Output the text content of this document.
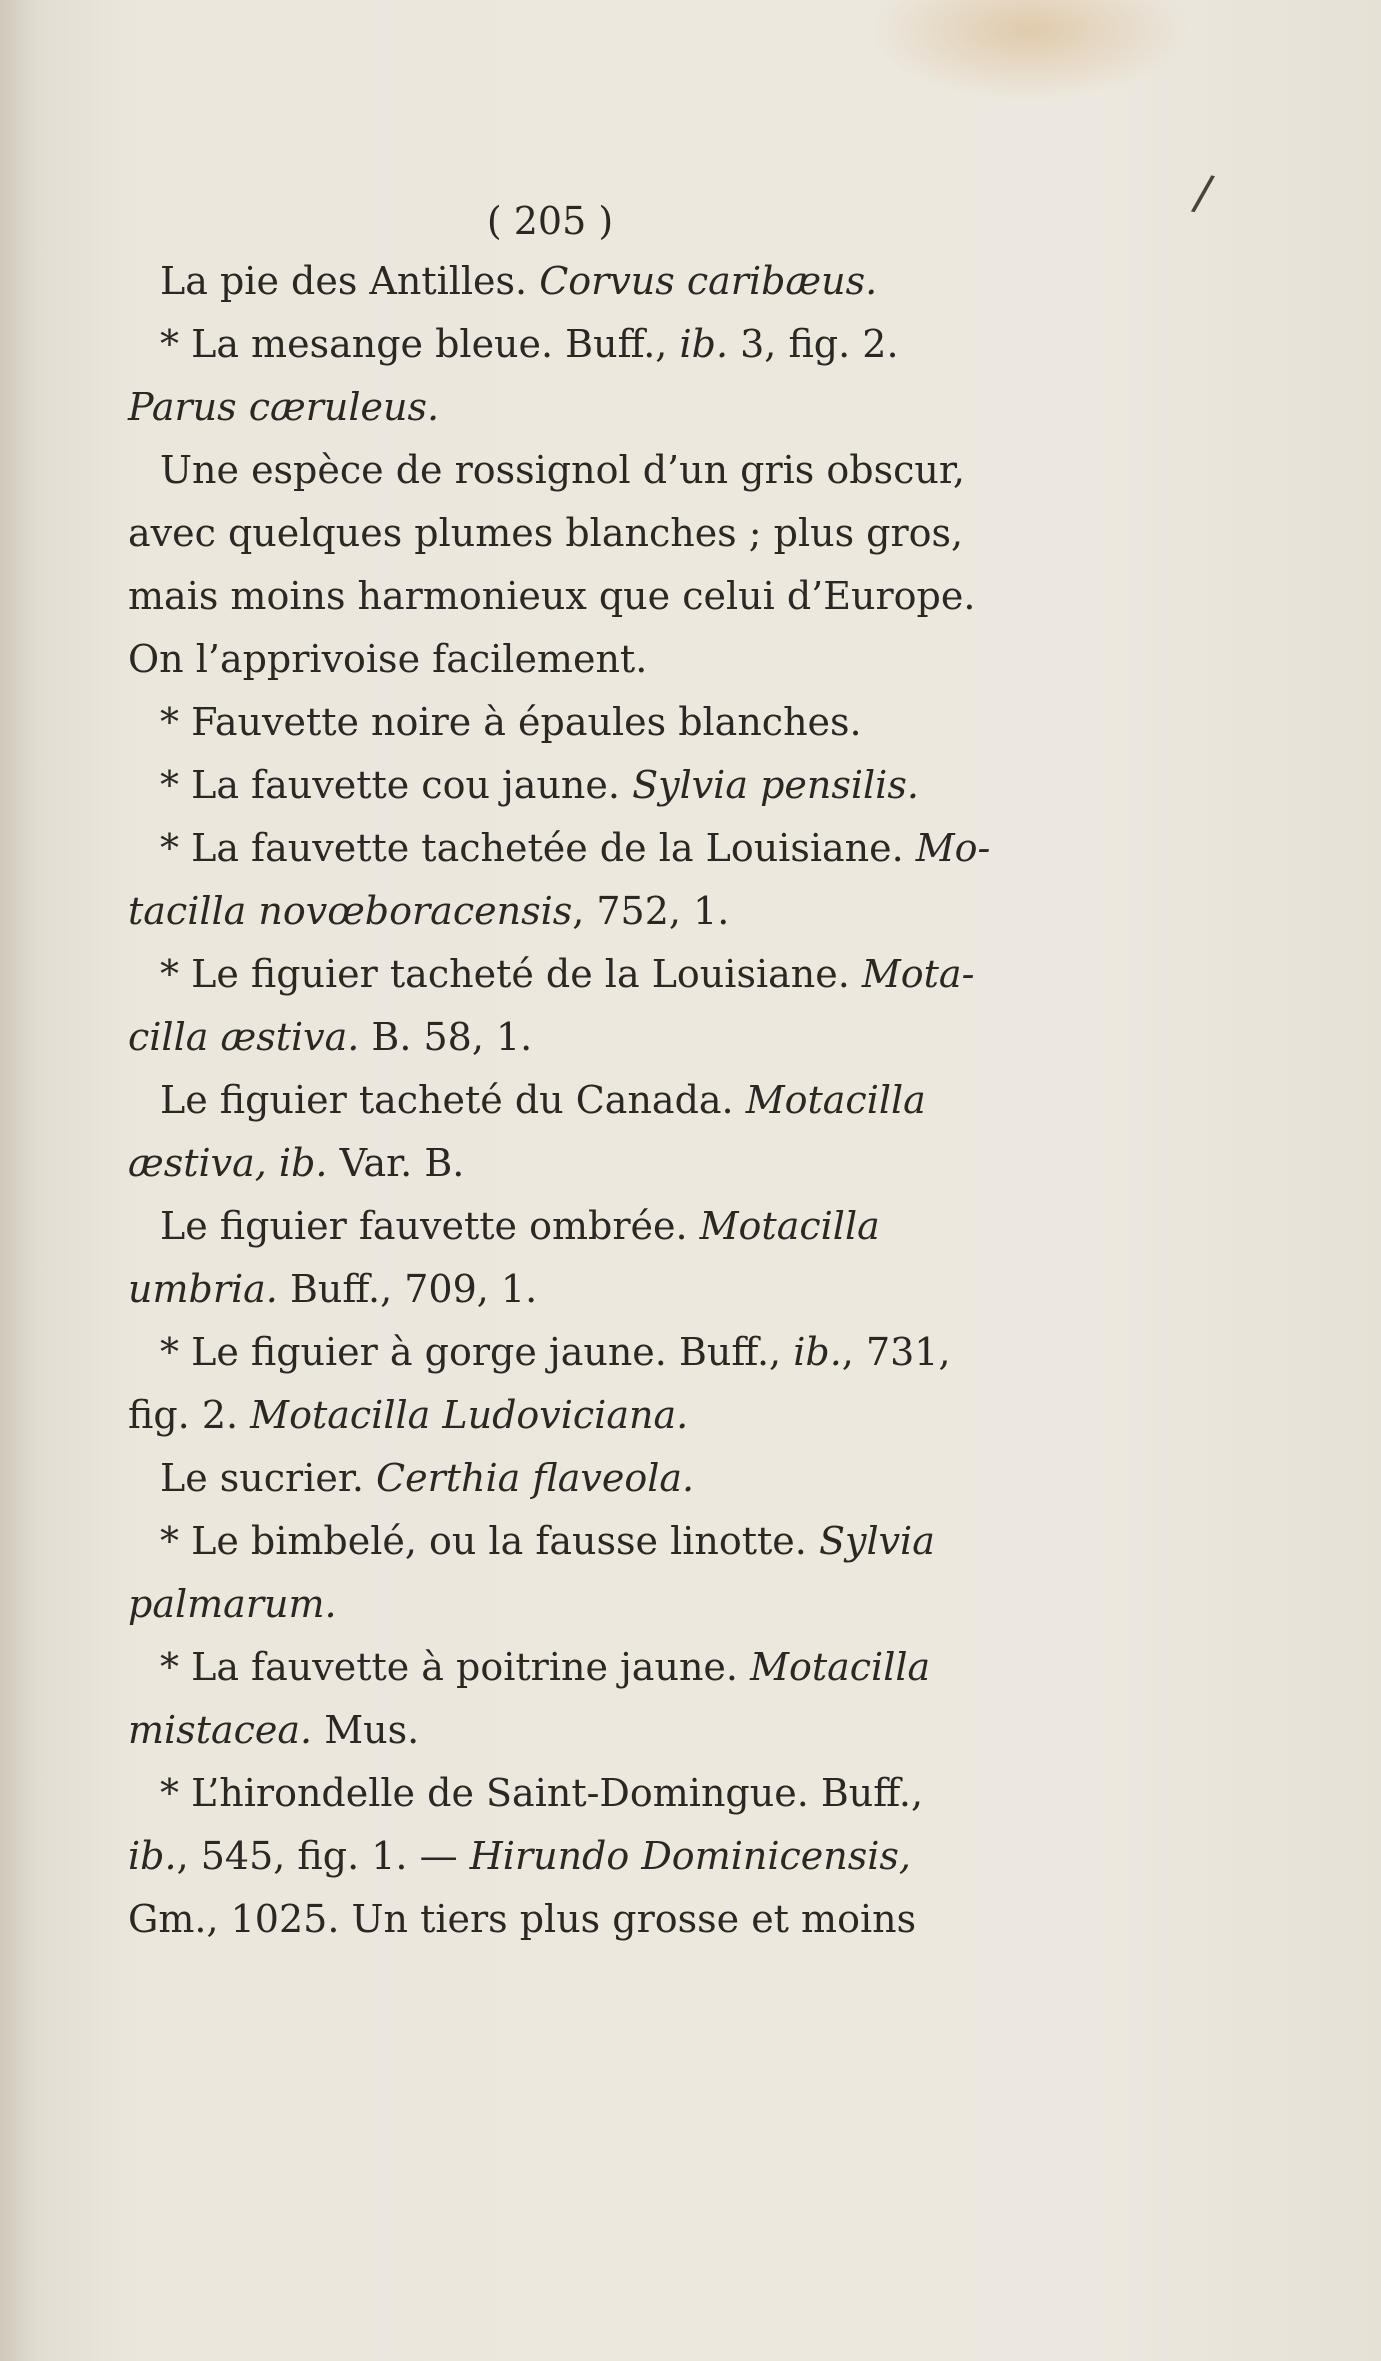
( 205 )	/
La pie des Antilles. Corvus caribæus.
* La mesange bleue. Buff., ib. 3, fig. 2.
Parus cæruleus.
Une espèce de rossignol d’un gris obscur,
avec quelques plumes blanches ; plus gros,
mais moins harmonieux que celui d’Europe.
On l’apprivoise facilement.
* Fauvette noire à épaules blanches.
* La fauvette cou jaune. Sylvia pensilis.
* La fauvette tachetée de la Louisiane. Mo-
tacilla novœboracensis, 752, 1.
* Le figuier tacheté de la Louisiane. Mota-
cilla æstiva. B. 58, 1.
Le figuier tacheté du Canada. Motacilla
æstiva, ib. Var. B.
Le figuier fauvette ombrée. Motacilla
umbria. Buff., 709, 1.
* Le figuier à gorge jaune. Buff., ib., 731,
fig. 2. Motacilla Ludoviciana.
Le sucrier. Certhia flaveola.
* Le bimbelé, ou la fausse linotte. Sylvia
palmarum.
* La fauvette à poitrine jaune. Motacilla
mistacea. Mus.
* L’hirondelle de Saint-Domingue. Buff.,
ib., 545, fig. 1. — Hirundo Dominicensis,
Gm., 1025. Un tiers plus grosse et moins
